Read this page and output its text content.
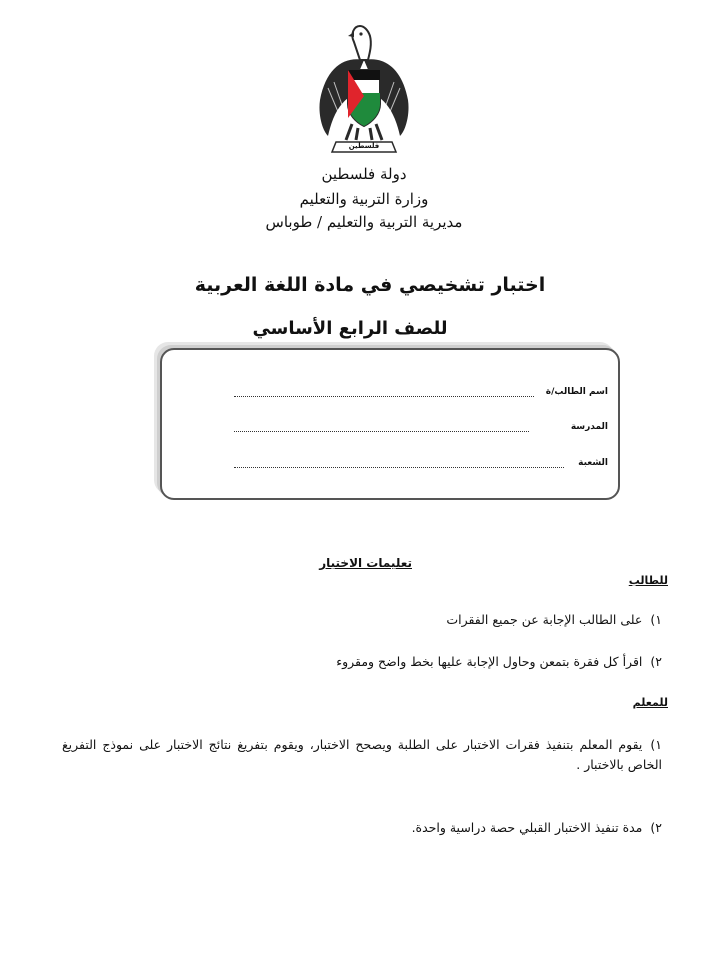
فلسطين
دولة فلسطين
وزارة التربية والتعليم
مديرية التربية والتعليم / طوباس
اختبار تشخيصي في مادة اللغة العربية
للصف الرابع الأساسي
اسم الطالب/ة
المدرسة
الشعبة
تعليمات الاختبار
للطالب
١)على الطالب الإجابة عن جميع الفقرات
٢)اقرأ كل فقرة بتمعن وحاول الإجابة عليها بخط واضح ومقروء
للمعلم
١)يقوم المعلم بتنفيذ فقرات الاختبار على الطلبة ويصحح الاختبار، ويقوم بتفريغ نتائج الاختبار على نموذج التفريغ الخاص بالاختبار .
٢)مدة تنفيذ الاختبار القبلي حصة دراسية واحدة.
